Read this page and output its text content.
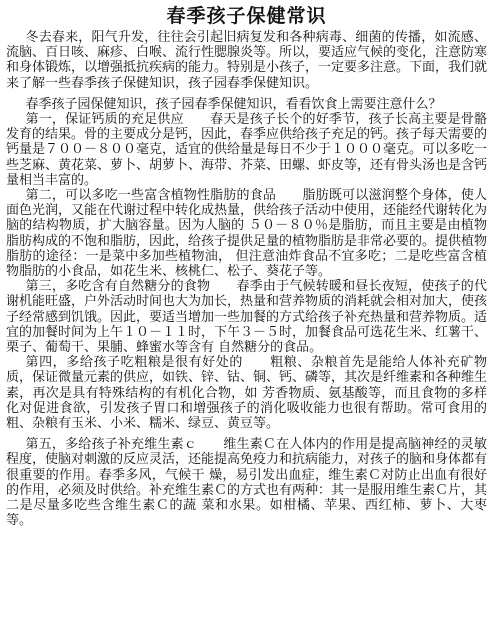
春季孩子保健常识

冬去春来，阳气升发，往往会引起旧病复发和各种病毒、细菌的传播，如流感、流脑、百日咳、麻疹、白喉、流行性腮腺炎等。所以，要适应气候的变化，注意防寒和身体锻炼，以增强抵抗疾病的能力。特别是小孩子，一定要多注意。下面，我们就来了解一些春季孩子保健知识，孩子园春季保健知识。

春季孩子园保健知识，孩子园春季保健知识，看看饮食上需要注意什么？

第一，保证钙质的充足供应　　春天是孩子长个的好季节，孩子长高主要是骨骼发育的结果。骨的主要成分是钙，因此，春季应供给孩子充足的钙。孩子每天需要的钙量是７００－８００毫克，适宜的供给量是每日不少于１０００毫克。可以多吃一些芝麻、黄花菜、萝卜、胡萝卜、海带、芥菜、田螺、虾皮等，还有骨头汤也是含钙量相当丰富的。

第二，可以多吃一些富含植物性脂肪的食品　　脂肪既可以滋润整个身体，使人面色光润，又能在代谢过程中转化成热量，供给孩子活动中使用，还能经代谢转化为脑的结构物质，扩大脑容量。因为人脑的 ５０－８０％是脂肪，而且主要是由植物脂肪构成的不饱和脂肪，因此，给孩子提供足量的植物脂肪是非常必要的。提供植物脂肪的途径：一是菜中多加些植物油， 但注意油炸食品不宜多吃；二是吃些富含植物脂肪的小食品，如花生米、核桃仁、松子、葵花子等。

第三，多吃含有自然糖分的食物　　春季由于气候转暖和昼长夜短，使孩子的代谢机能旺盛，户外活动时间也大为加长，热量和营养物质的消耗就会相对加大，使孩子经常感到饥饿。因此，要适当增加一些加餐的方式给孩子补充热量和营养物质。适宜的加餐时间为上午１０－１１时，下午３－５时，加餐食品可选花生米、红薯干、栗子、葡萄干、果脯、蜂蜜水等含有 自然糖分的食品。

第四，多给孩子吃粗粮是很有好处的　　粗粮、杂粮首先是能给人体补充矿物质，保证微量元素的供应，如铁、锌、钴、铜、钙、磷等，其次是纤维素和各种维生素，再次是具有特殊结构的有机化合物，如 芳香物质、氨基酸等，而且食物的多样化对促进食欲，引发孩子胃口和增强孩子的消化吸收能力也很有帮助。常可食用的粗、杂粮有玉米、小米、糯米、绿豆、黄豆等。

第五，多给孩子补充维生素ｃ　　维生素Ｃ在人体内的作用是提高脑神经的灵敏程度，使脑对刺激的反应灵活，还能提高免疫力和抗病能力，对孩子的脑和身体都有很重要的作用。春季多风，气候干 燥，易引发出血症，维生素Ｃ对防止出血有很好的作用，必须及时供给。补充维生素Ｃ的方式也有两种：其一是服用维生素Ｃ片，其二是尽量多吃些含维生素Ｃ的蔬 菜和水果。如柑橘、苹果、西红柿、萝卜、大枣等。
